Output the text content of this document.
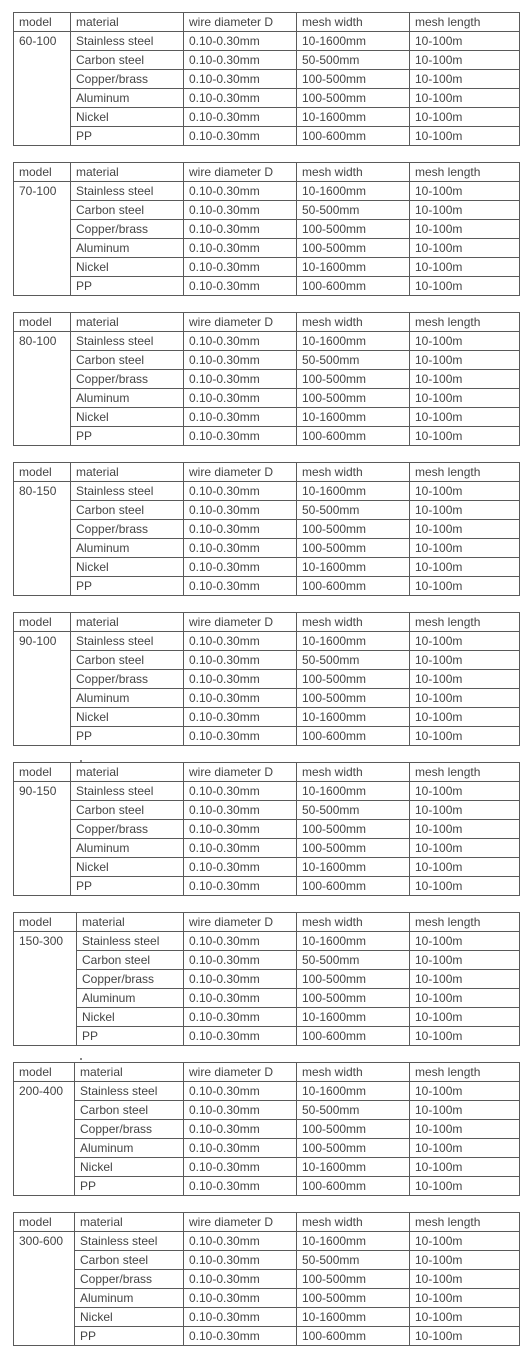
model	material	wire diameter D	mesh width	mesh length
60-100	Stainless steel	0.10-0.30mm	10-1600mm	10-100m
	Carbon steel	0.10-0.30mm	50-500mm	10-100m
	Copper/brass	0.10-0.30mm	100-500mm	10-100m
	Aluminum	0.10-0.30mm	100-500mm	10-100m
	Nickel	0.10-0.30mm	10-1600mm	10-100m
	PP	0.10-0.30mm	100-600mm	10-100m
model	material	wire diameter D	mesh width	mesh length
70-100	Stainless steel	0.10-0.30mm	10-1600mm	10-100m
	Carbon steel	0.10-0.30mm	50-500mm	10-100m
	Copper/brass	0.10-0.30mm	100-500mm	10-100m
	Aluminum	0.10-0.30mm	100-500mm	10-100m
	Nickel	0.10-0.30mm	10-1600mm	10-100m
	PP	0.10-0.30mm	100-600mm	10-100m
model	material	wire diameter D	mesh width	mesh length
80-100	Stainless steel	0.10-0.30mm	10-1600mm	10-100m
	Carbon steel	0.10-0.30mm	50-500mm	10-100m
	Copper/brass	0.10-0.30mm	100-500mm	10-100m
	Aluminum	0.10-0.30mm	100-500mm	10-100m
	Nickel	0.10-0.30mm	10-1600mm	10-100m
	PP	0.10-0.30mm	100-600mm	10-100m
model	material	wire diameter D	mesh width	mesh length
80-150	Stainless steel	0.10-0.30mm	10-1600mm	10-100m
	Carbon steel	0.10-0.30mm	50-500mm	10-100m
	Copper/brass	0.10-0.30mm	100-500mm	10-100m
	Aluminum	0.10-0.30mm	100-500mm	10-100m
	Nickel	0.10-0.30mm	10-1600mm	10-100m
	PP	0.10-0.30mm	100-600mm	10-100m
model	material	wire diameter D	mesh width	mesh length
90-100	Stainless steel	0.10-0.30mm	10-1600mm	10-100m
	Carbon steel	0.10-0.30mm	50-500mm	10-100m
	Copper/brass	0.10-0.30mm	100-500mm	10-100m
	Aluminum	0.10-0.30mm	100-500mm	10-100m
	Nickel	0.10-0.30mm	10-1600mm	10-100m
	PP	0.10-0.30mm	100-600mm	10-100m
model	material	wire diameter D	mesh width	mesh length
90-150	Stainless steel	0.10-0.30mm	10-1600mm	10-100m
	Carbon steel	0.10-0.30mm	50-500mm	10-100m
	Copper/brass	0.10-0.30mm	100-500mm	10-100m
	Aluminum	0.10-0.30mm	100-500mm	10-100m
	Nickel	0.10-0.30mm	10-1600mm	10-100m
	PP	0.10-0.30mm	100-600mm	10-100m
model	material	wire diameter D	mesh width	mesh length
150-300	Stainless steel	0.10-0.30mm	10-1600mm	10-100m
	Carbon steel	0.10-0.30mm	50-500mm	10-100m
	Copper/brass	0.10-0.30mm	100-500mm	10-100m
	Aluminum	0.10-0.30mm	100-500mm	10-100m
	Nickel	0.10-0.30mm	10-1600mm	10-100m
	PP	0.10-0.30mm	100-600mm	10-100m
model	material	wire diameter D	mesh width	mesh length
200-400	Stainless steel	0.10-0.30mm	10-1600mm	10-100m
	Carbon steel	0.10-0.30mm	50-500mm	10-100m
	Copper/brass	0.10-0.30mm	100-500mm	10-100m
	Aluminum	0.10-0.30mm	100-500mm	10-100m
	Nickel	0.10-0.30mm	10-1600mm	10-100m
	PP	0.10-0.30mm	100-600mm	10-100m
model	material	wire diameter D	mesh width	mesh length
300-600	Stainless steel	0.10-0.30mm	10-1600mm	10-100m
	Carbon steel	0.10-0.30mm	50-500mm	10-100m
	Copper/brass	0.10-0.30mm	100-500mm	10-100m
	Aluminum	0.10-0.30mm	100-500mm	10-100m
	Nickel	0.10-0.30mm	10-1600mm	10-100m
	PP	0.10-0.30mm	100-600mm	10-100m
